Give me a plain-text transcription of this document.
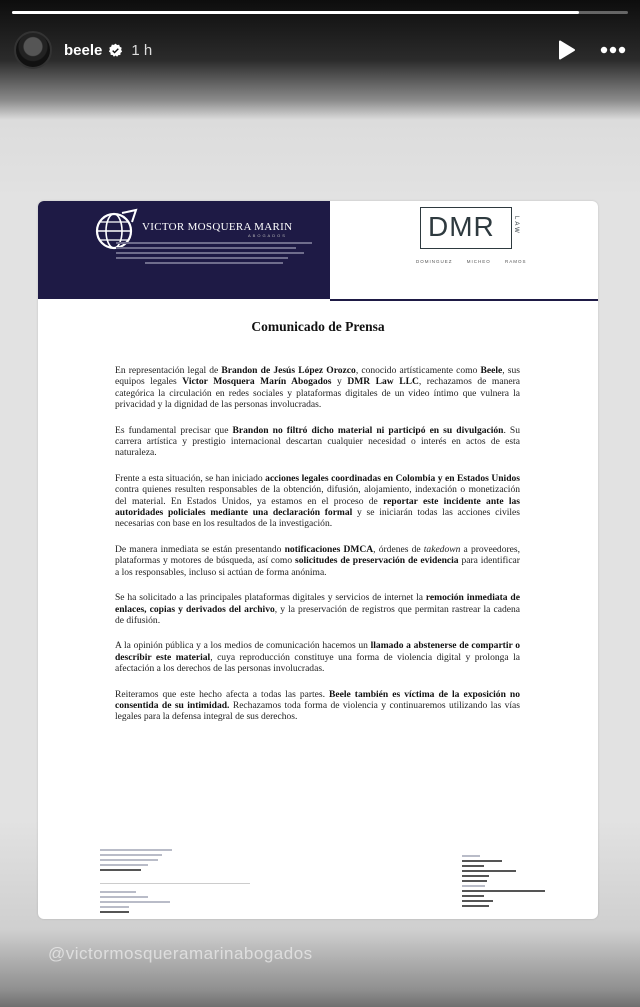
beele 1 h
VICTOR MOSQUERA MARIN
ABOGADOS	DMR	LAW
DOMINGUEZ MICHEO RAMOS
Comunicado de Prensa

En representación legal de Brandon de Jesús López Orozco, conocido artísticamente como Beele, sus equipos legales Victor Mosquera Marín Abogados y DMR Law LLC, rechazamos de manera categórica la circulación en redes sociales y plataformas digitales de un video íntimo que vulnera la privacidad y la dignidad de las personas involucradas.

Es fundamental precisar que Brandon no filtró dicho material ni participó en su divulgación. Su carrera artística y prestigio internacional descartan cualquier necesidad o interés en actos de esta naturaleza.

Frente a esta situación, se han iniciado acciones legales coordinadas en Colombia y en Estados Unidos contra quienes resulten responsables de la obtención, difusión, alojamiento, indexación o monetización del material. En Estados Unidos, ya estamos en el proceso de reportar este incidente ante las autoridades policiales mediante una declaración formal y se iniciarán todas las acciones civiles necesarias con base en los resultados de la investigación.

De manera inmediata se están presentando notificaciones DMCA, órdenes de takedown a proveedores, plataformas y motores de búsqueda, así como solicitudes de preservación de evidencia para identificar a los responsables, incluso si actúan de forma anónima.

Se ha solicitado a las principales plataformas digitales y servicios de internet la remoción inmediata de enlaces, copias y derivados del archivo, y la preservación de registros que permitan rastrear la cadena de difusión.

A la opinión pública y a los medios de comunicación hacemos un llamado a abstenerse de compartir o describir este material, cuya reproducción constituye una forma de violencia digital y prolonga la afectación a los derechos de las personas involucradas.

Reiteramos que este hecho afecta a todas las partes. Beele también es víctima de la exposición no consentida de su intimidad. Rechazamos toda forma de violencia y continuaremos utilizando las vías legales para la defensa integral de sus derechos.

@victormosqueramarinabogados
